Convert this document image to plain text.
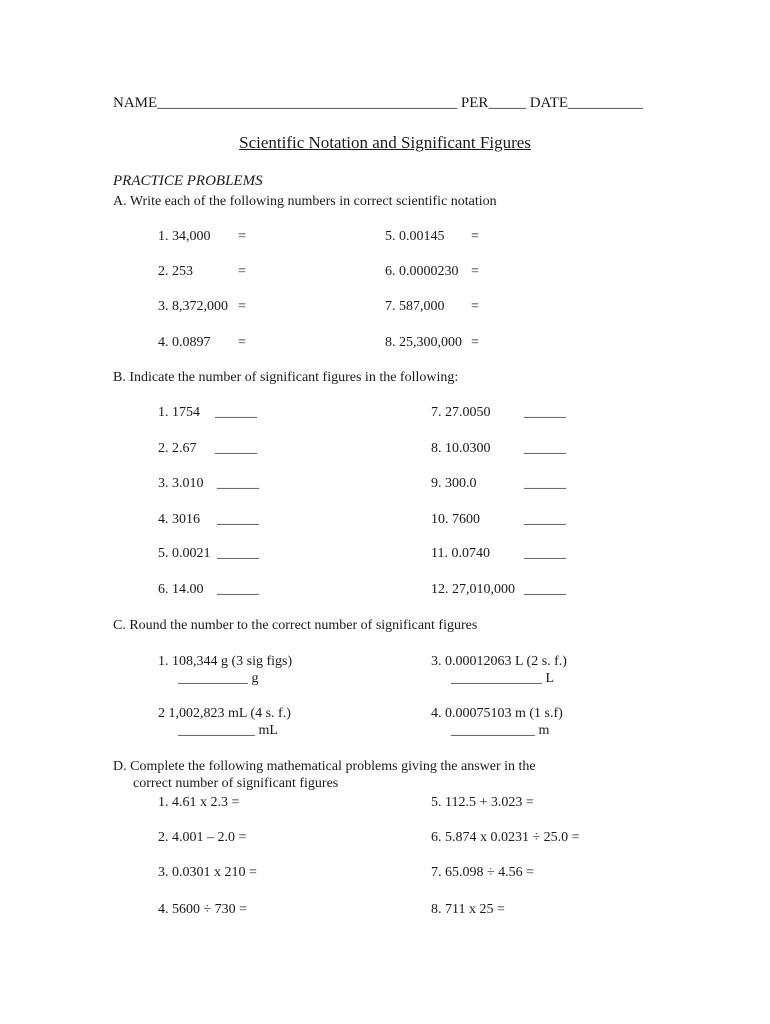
NAME________________________________________ PER_____ DATE__________
Scientific Notation and Significant Figures
PRACTICE PROBLEMS
A. Write each of the following numbers in correct scientific notation
1. 34,000 =
2. 253	=
3. 8,372,000 =
4. 0.0897 =
5. 0.00145 =
6. 0.0000230 =
7. 587,000 =
8. 25,300,000 =
B. Indicate the number of significant figures in the following:
1. 1754 ______
2. 2.67 ______
3. 3.010 ______
4. 3016 ______
5. 0.0021 ______
6. 14.00 ______
7. 27.0050 ______
8. 10.0300 ______
9. 300.0	______
10. 7600	______
11. 0.0740 ______
12. 27,010,000 ______
C. Round the number to the correct number of significant figures
1. 108,344 g (3 sig figs)
__________ g
2 1,002,823 mL (4 s. f.)
___________ mL
3. 0.00012063 L (2 s. f.)
_____________ L
4. 0.00075103 m (1 s.f)
____________ m
D. Complete the following mathematical problems giving the answer in the
correct number of significant figures
1. 4.61 x 2.3 =
2. 4.001 – 2.0 =
3. 0.0301 x 210 =
4. 5600 ÷ 730 =
5. 112.5 + 3.023 =
6. 5.874 x 0.0231 ÷ 25.0 =
7. 65.098 ÷ 4.56 =
8. 711 x 25 =
